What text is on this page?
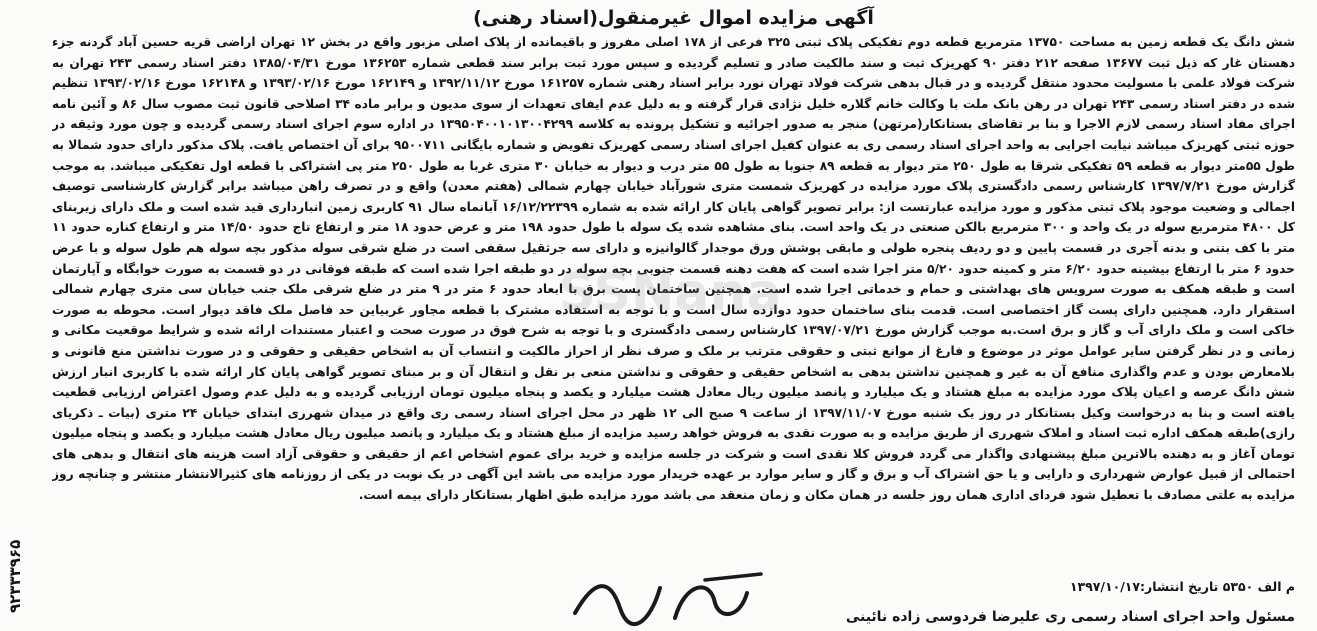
آگهی مزایده اموال غیرمنقول(اسناد رهنی)
شش دانگ یک قطعه زمین به مساحت ۱۳۷۵۰ مترمربع قطعه دوم تفکیکی پلاک ثبتی ۳۲۵ فرعی از ۱۷۸ اصلی مفروز و باقیمانده از پلاک اصلی مزبور واقع در بخش ۱۲ تهران اراضی قریه حسین آباد گردنه جزء دهستان غار که ذیل ثبت ۱۳۶۷۷ صفحه ۲۱۲ دفتر ۹۰ کهریزک ثبت و سند مالکیت صادر و تسلیم گردیده و سپس مورد ثبت برابر سند قطعی شماره ۱۳۶۲۵۳ مورخ ۱۳۸۵/۰۴/۳۱ دفتر اسناد رسمی ۲۴۳ تهران به شرکت فولاد علمی با مسولیت محدود منتقل گردیده و در قبال بدهی شرکت فولاد تهران نورد برابر اسناد رهنی شماره ۱۶۱۲۵۷ مورخ ۱۳۹۲/۱۱/۱۲ و ۱۶۲۱۴۹ مورخ ۱۳۹۳/۰۲/۱۶ و ۱۶۲۱۴۸ مورخ ۱۳۹۳/۰۲/۱۶ تنظیم شده در دفتر اسناد رسمی ۲۴۳ تهران در رهن بانک ملت با وکالت خانم گلاره خلیل نژادی قرار گرفته و به دلیل عدم ایفای تعهدات از سوی مدیون و برابر ماده ۳۴ اصلاحی قانون ثبت مصوب سال ۸۶ و آئین نامه اجرای مفاد اسناد رسمی لازم الاجرا و بنا بر تقاضای بستانکار(مرتهن) منجر به صدور اجرائیه و تشکیل پرونده به کلاسه ۱۳۹۵۰۴۰۰۱۰۱۳۰۰۴۲۹۹ در اداره سوم اجرای اسناد رسمی گردیده و چون مورد وثیقه در حوزه ثبتی کهریزک میباشد نیابت اجرایی به واحد اجرای اسناد رسمی ری به عنوان کفیل اجرای اسناد رسمی کهریزک تفویض و شماره بایگانی ۹۵۰۰۷۱۱ برای آن اختصاص یافت. پلاک مذکور دارای حدود شمالا به طول ۵۵متر دیوار به قطعه ۵۹ تفکیکی شرقا به طول ۲۵۰ متر دیوار به قطعه ۸۹ جنوبا به طول ۵۵ متر درب و دیوار به خیابان ۳۰ متری غربا به طول ۲۵۰ متر پی اشتراکی با قطعه اول تفکیکی میباشد. به موجب گزارش مورخ ۱۳۹۷/۷/۲۱ کارشناس رسمی دادگستری پلاک مورد مزایده در کهریزک شمست متری شورآباد خیابان چهارم شمالی (هفتم معدن) واقع و در تصرف راهن میباشد برابر گزارش کارشناسی توصیف اجمالی و وضعیت موجود پلاک ثبتی مذکور و مورد مزایده عبارتست از: برابر تصویر گواهی پایان کار ارائه شده به شماره ۱۶/۱۲/۲۲۳۹۹ آبانماه سال ۹۱ کاربری زمین انبارداری قید شده است و ملک دارای زیربنای کل ۴۸۰۰ مترمربع سوله در یک واحد و ۳۰۰ مترمربع بالکن صنعتی در یک واحد است. بنای مشاهده شده یک سوله با طول حدود ۱۹۸ متر و عرض حدود ۱۸ متر و ارتفاع تاج حدود ۱۴/۵۰ متر و ارتفاع کناره حدود ۱۱ متر با کف بتنی و بدنه آجری در قسمت پایین و دو ردیف پنجره طولی و مابقی پوشش ورق موجدار گالوانیزه و دارای سه جرثقیل سقفی است در ضلع شرقی سوله مذکور بچه سوله هم طول سوله و با عرض حدود ۶ متر با ارتفاع بیشینه حدود ۶/۲۰ متر و کمینه حدود ۵/۲۰ متر اجرا شده است که هفت دهنه قسمت جنوبی بچه سوله در دو طبقه اجرا شده است که طبقه فوقانی در دو قسمت به صورت خوابگاه و آپارتمان است و طبقه همکف به صورت سرویس های بهداشتی و حمام و خدماتی اجرا شده است. همچنین ساختمان پست برق با ابعاد حدود ۶ متر در ۹ متر در ضلع شرقی ملک جنب خیابان سی متری چهارم شمالی استقرار دارد. همچنین دارای پست گاز اختصاصی است. قدمت بنای ساختمان حدود دوازده سال است و با توجه به استفاده مشترک با قطعه مجاور غربیاین حد فاصل ملک فاقد دیوار است. محوطه به صورت خاکی است و ملک دارای آب و گاز و برق است.به موجب گزارش مورخ ۱۳۹۷/۰۷/۲۱ کارشناس رسمی دادگستری و با توجه به شرح فوق در صورت صحت و اعتبار مستندات ارائه شده و شرایط موقعیت مکانی و زمانی و در نظر گرفتن سایر عوامل موثر در موضوع و فارغ از موانع ثبتی و حقوقی مترتب بر ملک و صرف نظر از احراز مالکیت و انتساب آن به اشخاص حقیقی و حقوقی و در صورت نداشتن منع قانونی و بلامعارض بودن و عدم واگذاری منافع آن به غیر و همچنین نداشتن بدهی به اشخاص حقیقی و حقوقی و نداشتن منعی بر نقل و انتقال آن و بر مبنای تصویر گواهی پایان کار ارائه شده با کاربری انبار ارزش شش دانگ عرصه و اعیان پلاک مورد مزایده به مبلغ هشتاد و یک میلیارد و پانصد میلیون ریال معادل هشت میلیارد و یکصد و پنجاه میلیون تومان ارزیابی گردیده و به دلیل عدم وصول اعتراض ارزیابی قطعیت یافته است و بنا به درخواست وکیل بستانکار در روز یک شنبه مورخ ۱۳۹۷/۱۱/۰۷ از ساعت ۹ صبح الی ۱۲ ظهر در محل اجرای اسناد رسمی ری واقع در میدان شهرری ابتدای خیابان ۲۴ متری (بیات ـ ذکریای رازی)طبقه همکف اداره ثبت اسناد و املاک شهرری از طریق مزایده و به صورت نقدی به فروش خواهد رسید مزایده از مبلغ هشتاد و یک میلیارد و پانصد میلیون ریال معادل هشت میلیارد و یکصد و پنجاه میلیون تومان آغاز و به دهنده بالاترین مبلغ پیشنهادی واگذار می گردد فروش کلا نقدی است و شرکت در جلسه مزایده و خرید برای عموم اشخاص اعم از حقیقی و حقوقی آزاد است هزینه های انتقال و بدهی های احتمالی از قبیل عوارض شهرداری و دارایی و یا حق اشتراک آب و برق و گاز و سایر موارد بر عهده خریدار مورد مزایده می باشد این آگهی در یک نوبت در یکی از روزنامه های کثیرالانتشار منتشر و چنانچه روز مزایده به علتی مصادف با تعطیل شود فردای اداری همان روز جلسه در همان مکان و زمان منعقد می باشد مورد مزایده طبق اظهار بستانکار دارای بیمه است.
م الف ۵۳۵۰ تاریخ انتشار:۱۳۹۷/۱۰/۱۷
مسئول واحد اجرای اسناد رسمی ری علیرضا فردوسی زاده نائینی
۹۲۳۳۳۹۶۵
SSNana
